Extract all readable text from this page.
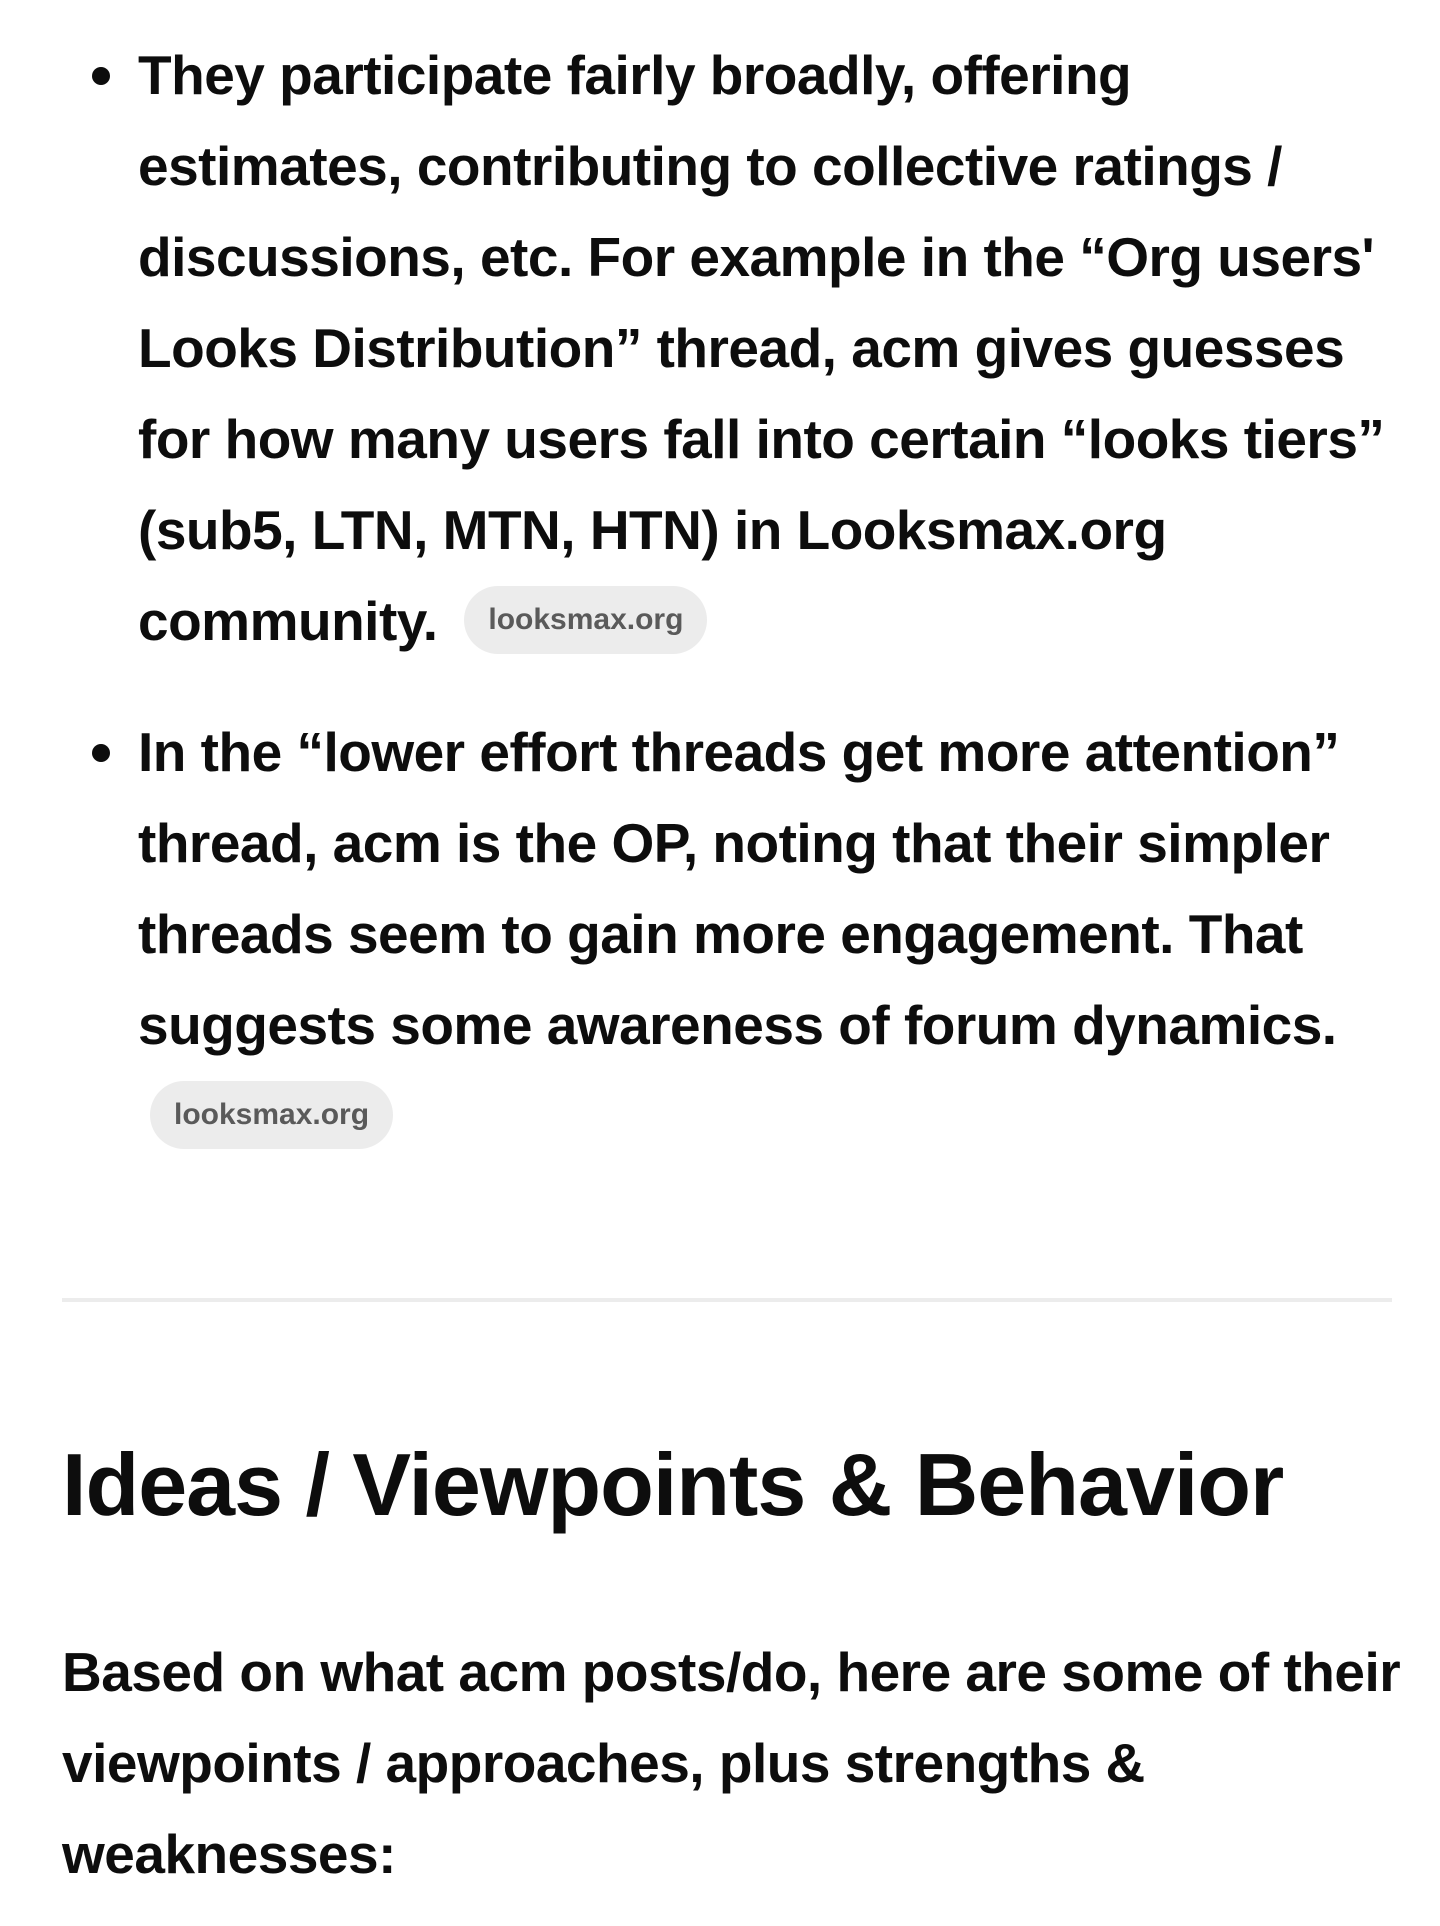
They participate fairly broadly, offering estimates, contributing to collective ratings / discussions, etc. For example in the “Org users' Looks Distribution” thread, acm gives guesses for how many users fall into certain “looks tiers” (sub5, LTN, MTN, HTN) in Looksmax.org community. looksmax.org
In the “lower effort threads get more attention” thread, acm is the OP, noting that their simpler threads seem to gain more engagement. That suggests some awareness of forum dynamics. looksmax.org
Ideas / Viewpoints & Behavior

Based on what acm posts/do, here are some of their viewpoints / approaches, plus strengths & weaknesses:
